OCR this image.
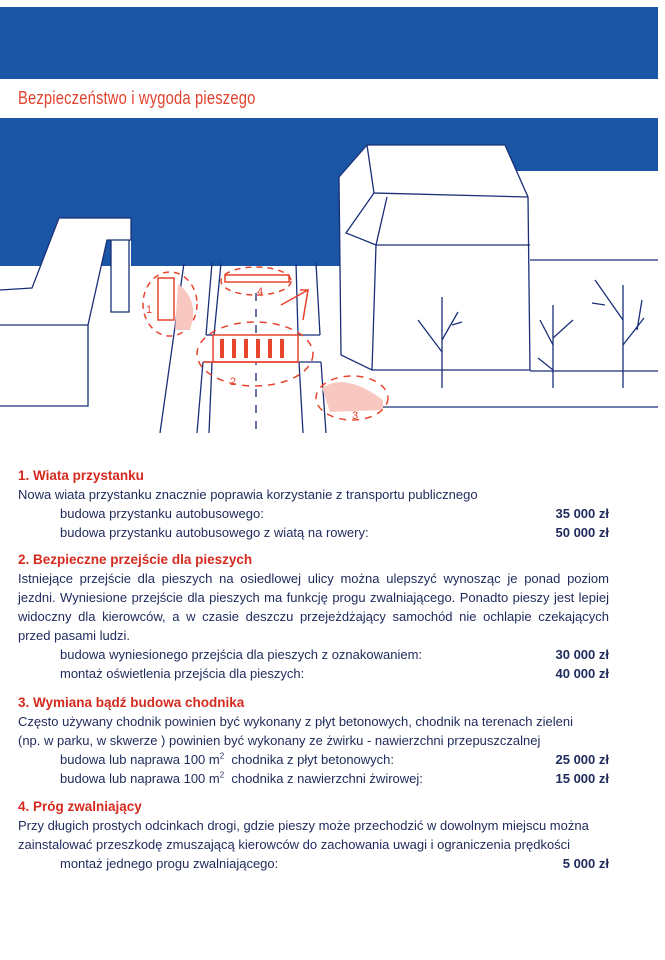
Bezpieczeństwo i wygoda pieszego
1
2
3
4
1. Wiata przystanku
Nowa wiata przystanku znacznie poprawia korzystanie z transportu publicznego
budowa przystanku autobusowego:	35 000 zł
budowa przystanku autobusowego z wiatą na rowery:	50 000 zł
2. Bezpieczne przejście dla pieszych
Istniejące przejście dla pieszych na osiedlowej ulicy można ulepszyć wynosząc je ponad poziom jezdni. Wyniesione przejście dla pieszych ma funkcję progu zwalniającego. Ponadto pieszy jest lepiej widoczny dla kierowców, a w czasie deszczu przejeżdżający samochód nie ochlapie czekających przed pasami ludzi.
budowa wyniesionego przejścia dla pieszych z oznakowaniem:	30 000 zł
montaż oświetlenia przejścia dla pieszych:	40 000 zł
3. Wymiana bądź budowa chodnika
Często używany chodnik powinien być wykonany z płyt betonowych, chodnik na terenach zieleni
(np. w parku, w skwerze ) powinien być wykonany ze żwirku - nawierzchni przepuszczalnej
budowa lub naprawa 100 $m^2$  chodnika z płyt betonowych:	25 000 zł
budowa lub naprawa 100 $m^2$  chodnika z nawierzchni żwirowej:	15 000 zł
4. Próg zwalniający
Przy długich prostych odcinkach drogi, gdzie pieszy może przechodzić w dowolnym miejscu można
zainstalować przeszkodę zmuszającą kierowców do zachowania uwagi i ograniczenia prędkości
montaż jednego progu zwalniającego:	5 000 zł
